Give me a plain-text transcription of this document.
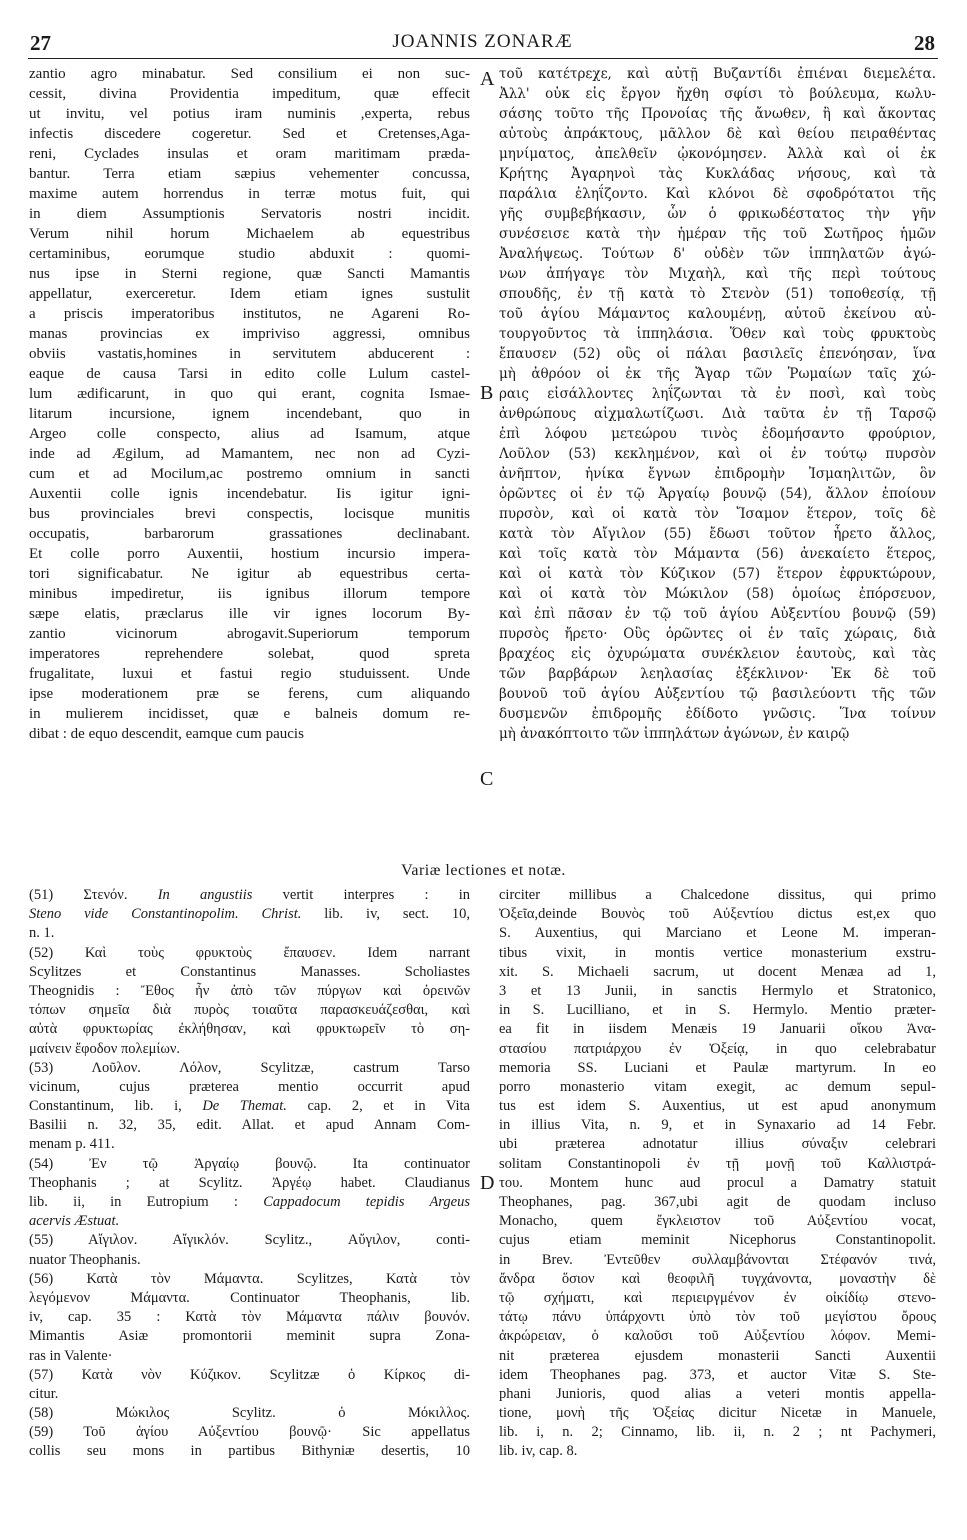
27	JOANNIS ZONARÆ	28
zantio agro minabatur. Sed consilium ei non suc-
cessit, divina Providentia impeditum, quæ effecit
ut invitu, vel potius iram numinis ,experta, rebus
infectis discedere cogeretur. Sed et Cretenses,Aga-
reni, Cyclades insulas et oram maritimam præda-
bantur. Terra etiam sæpius vehementer concussa,
maxime autem horrendus in terræ motus fuit, qui
in diem Assumptionis Servatoris nostri incidit.
Verum nihil horum Michaelem ab equestribus
certaminibus, eorumque studio abduxit : quomi-
nus ipse in Sterni regione, quæ Sancti Mamantis
appellatur, exerceretur. Idem etiam ignes sustulit
a priscis imperatoribus institutos, ne Agareni Ro-
manas provincias ex impriviso aggressi, omnibus
obviis vastatis,homines in servitutem abducerent :
eaque de causa Tarsi in edito colle Lulum castel-
lum ædificarunt, in quo qui erant, cognita Ismae-
litarum incursione, ignem incendebant, quo in
Argeo colle conspecto, alius ad Isamum, atque
inde ad Ægilum, ad Mamantem, nec non ad Cyzi-
cum et ad Mocilum,ac postremo omnium in sancti
Auxentii colle ignis incendebatur. Iis igitur igni-
bus provinciales brevi conspectis, locisque munitis
occupatis, barbarorum grassationes declinabant.
Et colle porro Auxentii, hostium incursio impera-
tori significabatur. Ne igitur ab equestribus certa-
minibus impediretur, iis ignibus illorum tempore
sæpe elatis, præclarus ille vir ignes locorum By-
zantio vicinorum abrogavit.Superiorum temporum
imperatores reprehendere solebat, quod spreta
frugalitate, luxui et fastui regio studuissent. Unde
ipse moderationem præ se ferens, cum aliquando
in mulierem incidisset, quæ e balneis domum re-
dibat : de equo descendit, eamque cum paucis
τοῦ κατέτρεχε, καὶ αὐτῇ Βυζαντίδι ἐπιέναι διεμελέτα.
Ἀλλ' οὐκ εἰς ἔργον ἤχθη σφίσι τὸ βούλευμα, κωλυ-
σάσης τοῦτο τῆς Προνοίας τῆς ἄνωθεν, ἢ καὶ ἄκοντας
αὐτοὺς ἀπράκτους, μᾶλλον δὲ καὶ θείου πειραθέντας
μηνίματος, ἀπελθεῖν ᾠκονόμησεν. Ἀλλὰ καὶ οἱ ἐκ
Κρήτης Ἀγαρηνοὶ τὰς Κυκλάδας νήσους, καὶ τὰ
παράλια ἐληΐζοντο. Καὶ κλόνοι δὲ σφοδρότατοι τῆς
γῆς συμβεβήκασιν, ὧν ὁ φρικωδέστατος τὴν γῆν
συνέσεισε κατὰ τὴν ἡμέραν τῆς τοῦ Σωτῆρος ἡμῶν
Ἀναλήψεως. Τούτων δ' οὐδὲν τῶν ἱππηλατῶν ἀγώ-
νων ἀπήγαγε τὸν Μιχαὴλ, καὶ τῆς περὶ τούτους
σπουδῆς, ἐν τῇ κατὰ τὸ Στενὸν (51) τοποθεσίᾳ, τῇ
τοῦ ἁγίου Μάμαντος καλουμένῃ, αὐτοῦ ἐκείνου αὐ-
τουργοῦντος τὰ ἱππηλάσια. Ὅθεν καὶ τοὺς φρυκτοὺς
ἔπαυσεν (52) οὓς οἱ πάλαι βασιλεῖς ἐπενόησαν, ἵνα
μὴ ἀθρόον οἱ ἐκ τῆς Ἄγαρ τῶν Ῥωμαίων ταῖς χώ-
ραις εἰσάλλοντες ληΐζωνται τὰ ἐν ποσὶ, καὶ τοὺς
ἀνθρώπους αἰχμαλωτίζωσι. Διὰ ταῦτα ἐν τῇ Ταρσῷ
ἐπὶ λόφου μετεώρου τινὸς ἐδομήσαντο φρούριον,
Λοῦλον (53) κεκλημένον, καὶ οἱ ἐν τούτῳ πυρσὸν
ἀνῆπτον, ἡνίκα ἔγνων ἐπιδρομὴν Ἰσμαηλιτῶν, ὃν
ὁρῶντες οἱ ἐν τῷ Ἀργαίῳ βουνῷ (54), ἄλλον ἐποίουν
πυρσὸν, καὶ οἱ κατὰ τὸν Ἴσαμον ἕτερον, τοῖς δὲ
κατὰ τὸν Αἴγιλον (55) ἔδωσι τοῦτον ἦρετο ἄλλος,
καὶ τοῖς κατὰ τὸν Μάμαντα (56) ἀνεκαίετο ἕτερος,
καὶ οἱ κατὰ τὸν Κύζικον (57) ἕτερον ἐφρυκτώρουν,
καὶ οἱ κατὰ τὸν Μώκιλον (58) ὁμοίως ἐπόρσευον,
καὶ ἐπὶ πᾶσαν ἐν τῷ τοῦ ἁγίου Αὐξεντίου βουνῷ (59)
πυρσὸς ἤρετο· Οὓς ὁρῶντες οἱ ἐν ταῖς χώραις, διὰ
βραχέος εἰς ὀχυρώματα συνέκλειον ἑαυτοὺς, καὶ τὰς
τῶν βαρβάρων λεηλασίας ἐξέκλινον· Ἐκ δὲ τοῦ
βουνοῦ τοῦ ἁγίου Αὐξεντίου τῷ βασιλεύοντι τῆς τῶν
δυσμενῶν ἐπιδρομῆς ἐδίδοτο γνῶσις. Ἵνα τοίνυν
μὴ ἀνακόπτοιτο τῶν ἱππηλάτων ἀγώνων, ἐν καιρῷ
A
B
C
D
Variæ lectiones et notæ.
(51) Στενόν. In angustiis vertit interpres : in
Steno vide Constantinopolim. Christ. lib. iv, sect. 10,
n. 1.
(52) Καὶ τοὺς φρυκτοὺς ἔπαυσεν. Idem narrant
Scylitzes et Constantinus Manasses. Scholiastes
Theognidis : Ἔθος ἦν ἀπὸ τῶν πύργων καὶ ὀρεινῶν
τόπων σημεῖα διὰ πυρὸς τοιαῦτα παρασκευάζεσθαι, καὶ
αὐτὰ φρυκτωρίας ἐκλήθησαν, καὶ φρυκτωρεῖν τὸ ση-
μαίνειν ἔφοδον πολεμίων.
(53) Λοῦλον. Λόλον, Scylitzæ, castrum Tarso
vicinum, cujus præterea mentio occurrit apud
Constantinum, lib. i, De Themat. cap. 2, et in Vita
Basilii n. 32, 35, edit. Allat. et apud Annam Com-
menam p. 411.
(54) Ἐν τῷ Ἀργαίῳ βουνῷ. Ita continuator
Theophanis ; at Scylitz. Ἀργέῳ habet. Claudianus
lib. ii, in Eutropium : Cappadocum tepidis Argeus
acervis Æstuat.
(55) Αἴγιλον. Αἴγικλόν. Scylitz., Αὔγιλον, conti-
nuator Theophanis.
(56) Κατὰ τὸν Μάμαντα. Scylitzes, Κατὰ τὸν
λεγόμενον Μάμαντα. Continuator Theophanis, lib.
iv, cap. 35 : Κατὰ τὸν Μάμαντα πάλιν βουνόν.
Mimantis Asiæ promontorii meminit supra Zona-
ras in Valente·
(57) Κατὰ νὸν Κύζικον. Scylitzæ ὁ Κίρκος di-
citur.
(58) Μώκιλος Scylitz. ὁ Μόκιλλος.
(59) Τοῦ ἁγίου Αὐξεντίου βουνῷ· Sic appellatus
collis seu mons in partibus Bithyniæ desertis, 10
circiter millibus a Chalcedone dissitus, qui primo
Ὀξεῖα,deinde Βουνὸς τοῦ Αὐξεντίου dictus est,ex quo
S. Auxentius, qui Marciano et Leone M. imperan-
tibus vixit, in montis vertice monasterium exstru-
xit. S. Michaeli sacrum, ut docent Menæa ad 1,
3 et 13 Junii, in sanctis Hermylo et Stratonico,
in S. Lucilliano, et in S. Hermylo. Mentio præter-
ea fit in iisdem Menæis 19 Januarii οἴκου Ἀνα-
στασίου πατριάρχου ἐν Ὀξείᾳ, in quo celebrabatur
memoria SS. Luciani et Paulæ martyrum. In eo
porro monasterio vitam exegit, ac demum sepul-
tus est idem S. Auxentius, ut est apud anonymum
in illius Vita, n. 9, et in Synaxario ad 14 Febr.
ubi præterea adnotatur illius σύναξιν celebrari
solitam Constantinopoli ἐν τῇ μονῇ τοῦ Καλλιστρά-
του. Montem hunc aud procul a Damatry statuit
Theophanes, pag. 367,ubi agit de quodam incluso
Monacho, quem ἔγκλειστον τοῦ Αὐξεντίου vocat,
cujus etiam meminit Nicephorus Constantinopolit.
in Brev. Ἐντεῦθεν συλλαμβάνονται Στέφανόν τινά,
ἄνδρα ὅσιον καὶ θεοφιλῆ τυγχάνοντα, μοναστὴν δὲ
τῷ σχήματι, καὶ περιειργμένον ἐν οἰκίδίῳ στενο-
τάτῳ πάνυ ὑπάρχοντι ὑπὸ τὸν τοῦ μεγίστου ὄρους
ἀκρώρειαν, ὁ καλοῦσι τοῦ Αὐξεντίου λόφον. Memi-
nit præterea ejusdem monasterii Sancti Auxentii
idem Theophanes pag. 373, et auctor Vitæ S. Ste-
phani Junioris, quod alias a veteri montis appella-
tione, μονὴ τῆς Ὀξείας dicitur Nicetæ in Manuele,
lib. i, n. 2; Cinnamo, lib. ii, n. 2 ; nt Pachymeri,
lib. iv, cap. 8.
